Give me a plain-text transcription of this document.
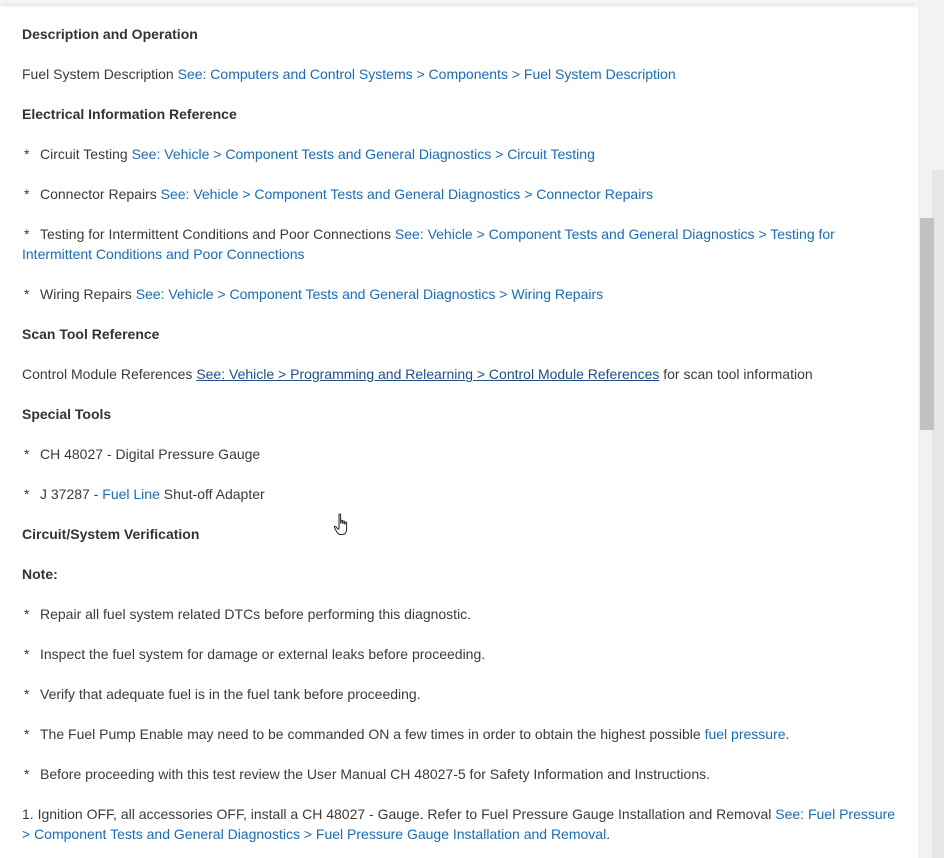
Description and Operation
Fuel System Description See: Computers and Control Systems > Components > Fuel System Description
Electrical Information Reference
* Circuit Testing See: Vehicle > Component Tests and General Diagnostics > Circuit Testing
* Connector Repairs See: Vehicle > Component Tests and General Diagnostics > Connector Repairs
* Testing for Intermittent Conditions and Poor Connections See: Vehicle > Component Tests and General Diagnostics > Testing for Intermittent Conditions and Poor Connections
* Wiring Repairs See: Vehicle > Component Tests and General Diagnostics > Wiring Repairs
Scan Tool Reference
Control Module References See: Vehicle > Programming and Relearning > Control Module References for scan tool information
Special Tools
* CH 48027 - Digital Pressure Gauge
* J 37287 - Fuel Line Shut-off Adapter
Circuit/System Verification
Note:
* Repair all fuel system related DTCs before performing this diagnostic.
* Inspect the fuel system for damage or external leaks before proceeding.
* Verify that adequate fuel is in the fuel tank before proceeding.
* The Fuel Pump Enable may need to be commanded ON a few times in order to obtain the highest possible fuel pressure.
* Before proceeding with this test review the User Manual CH 48027-5 for Safety Information and Instructions.
1. Ignition OFF, all accessories OFF, install a CH 48027 - Gauge. Refer to Fuel Pressure Gauge Installation and Removal See: Fuel Pressure > Component Tests and General Diagnostics > Fuel Pressure Gauge Installation and Removal.
